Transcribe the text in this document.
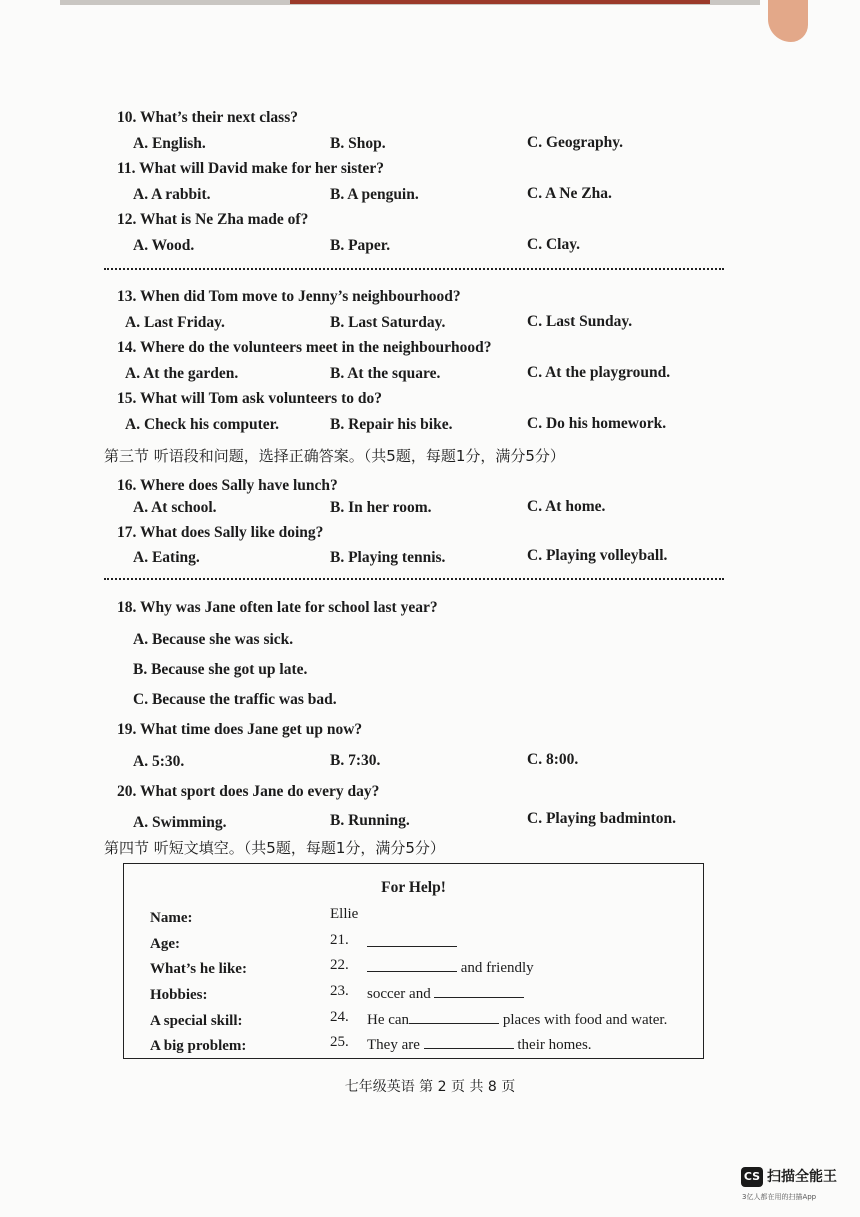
10. What’s their next class?
A. English.	B. Shop.	C. Geography.
11. What will David make for her sister?
A. A rabbit.	B. A penguin.	C. A Ne Zha.
12. What is Ne Zha made of?
A. Wood.	B. Paper.	C. Clay.
13. When did Tom move to Jenny’s neighbourhood?
A. Last Friday.	B. Last Saturday.	C. Last Sunday.
14. Where do the volunteers meet in the neighbourhood?
A. At the garden.	B. At the square.	C. At the playground.
15. What will Tom ask volunteers to do?
A. Check his computer.	B. Repair his bike.	C. Do his homework.
第三节 听语段和问题，选择正确答案。（共5题，每题1分，满分5分）
16. Where does Sally have lunch?
A. At school.	B. In her room.	C. At home.
17. What does Sally like doing?
A. Eating.	B. Playing tennis.	C. Playing volleyball.
18. Why was Jane often late for school last year?
A. Because she was sick.
B. Because she got up late.
C. Because the traffic was bad.
19. What time does Jane get up now?
A. 5:30.	B. 7:30.	C. 8:00.
20. What sport does Jane do every day?
A. Swimming.	B. Running.	C. Playing badminton.
第四节 听短文填空。（共5题，每题1分，满分5分）
For Help!
Name:	Ellie
Age:	21.
What’s he like:	22.	and friendly
Hobbies:	23. soccer and
A special skill:	24. He can	places with food and water.
A big problem:	25. They are	their homes.
七年级英语 第 2 页 共 8 页
CS 扫描全能王
3亿人都在用的扫描App
